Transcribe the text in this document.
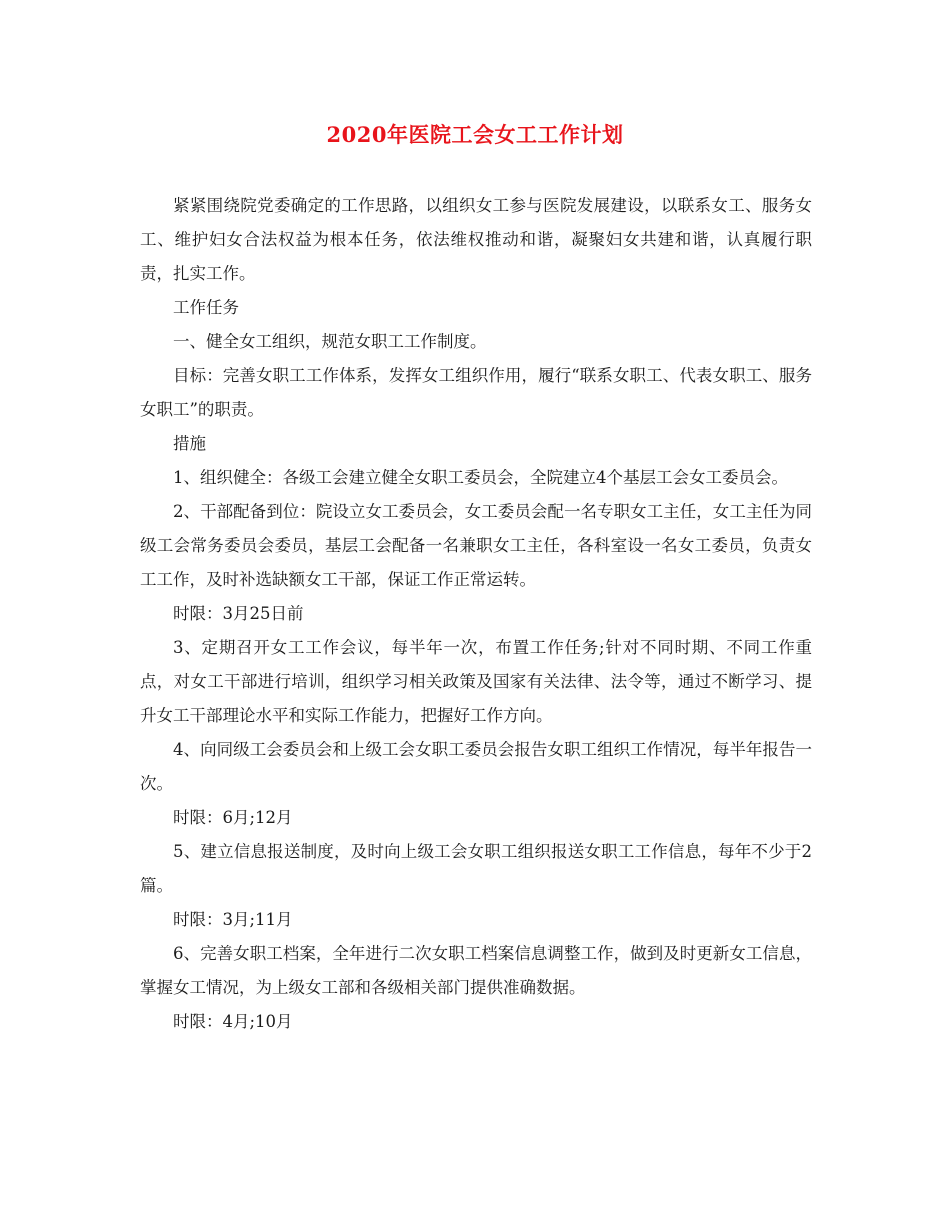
2020年医院工会女工工作计划

紧紧围绕院党委确定的工作思路，以组织女工参与医院发展建设，以联系女工、服务女工、维护妇女合法权益为根本任务，依法维权推动和谐，凝聚妇女共建和谐，认真履行职责，扎实工作。

工作任务

一、健全女工组织，规范女职工工作制度。

目标：完善女职工工作体系，发挥女工组织作用，履行“联系女职工、代表女职工、服务女职工”的职责。

措施

1、组织健全：各级工会建立健全女职工委员会，全院建立4个基层工会女工委员会。

2、干部配备到位：院设立女工委员会，女工委员会配一名专职女工主任，女工主任为同级工会常务委员会委员，基层工会配备一名兼职女工主任，各科室设一名女工委员，负责女工工作，及时补选缺额女工干部，保证工作正常运转。

时限：3月25日前

3、定期召开女工工作会议，每半年一次，布置工作任务;针对不同时期、不同工作重点，对女工干部进行培训，组织学习相关政策及国家有关法律、法令等，通过不断学习、提升女工干部理论水平和实际工作能力，把握好工作方向。

4、向同级工会委员会和上级工会女职工委员会报告女职工组织工作情况，每半年报告一次。

时限：6月;12月

5、建立信息报送制度，及时向上级工会女职工组织报送女职工工作信息，每年不少于2篇。

时限：3月;11月

6、完善女职工档案，全年进行二次女职工档案信息调整工作，做到及时更新女工信息，掌握女工情况，为上级女工部和各级相关部门提供准确数据。

时限：4月;10月
